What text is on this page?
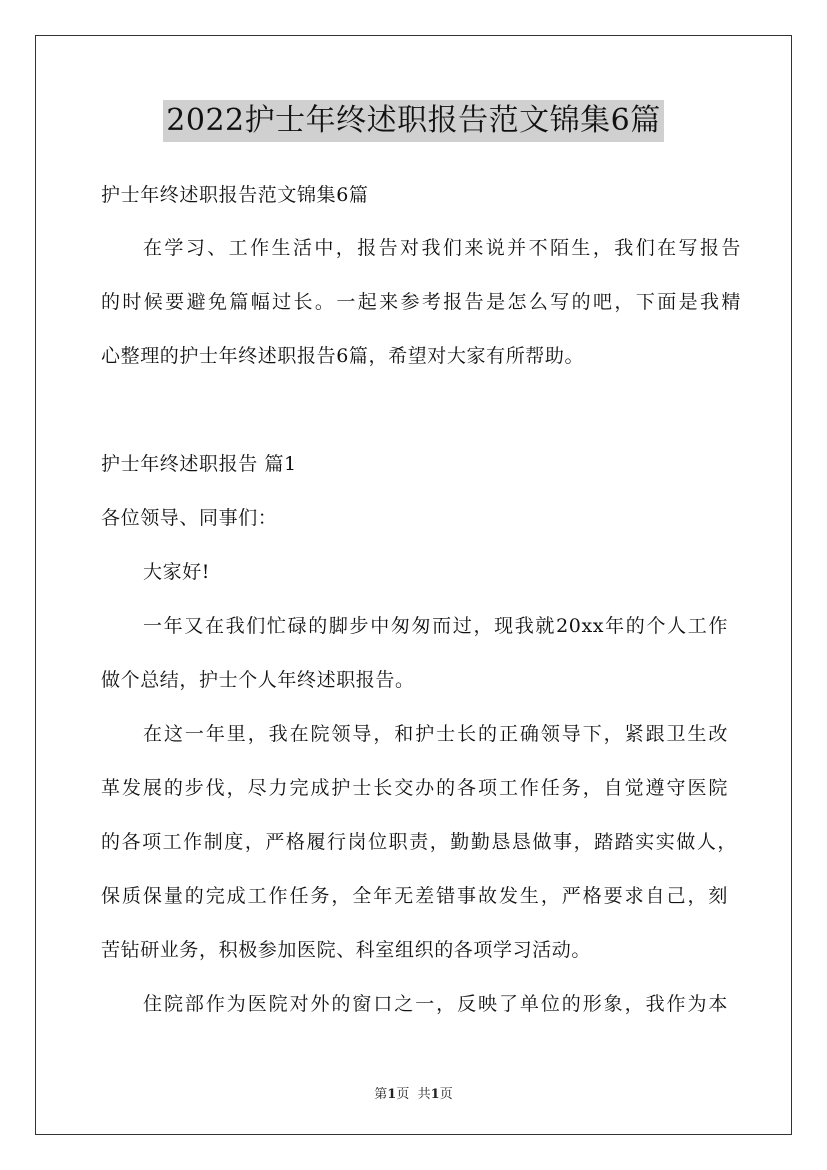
2022护士年终述职报告范文锦集6篇
护士年终述职报告范文锦集6篇
在学习、工作生活中，报告对我们来说并不陌生，我们在写报告
的时候要避免篇幅过长。一起来参考报告是怎么写的吧，下面是我精
心整理的护士年终述职报告6篇，希望对大家有所帮助。
护士年终述职报告 篇1
各位领导、同事们：
大家好!
一年又在我们忙碌的脚步中匆匆而过，现我就20xx年的个人工作
做个总结，护士个人年终述职报告。
在这一年里，我在院领导，和护士长的正确领导下，紧跟卫生改
革发展的步伐，尽力完成护士长交办的各项工作任务，自觉遵守医院
的各项工作制度，严格履行岗位职责，勤勤恳恳做事，踏踏实实做人，
保质保量的完成工作任务，全年无差错事故发生，严格要求自己，刻
苦钻研业务，积极参加医院、科室组织的各项学习活动。
住院部作为医院对外的窗口之一，反映了单位的形象，我作为本
第1页 共1页
